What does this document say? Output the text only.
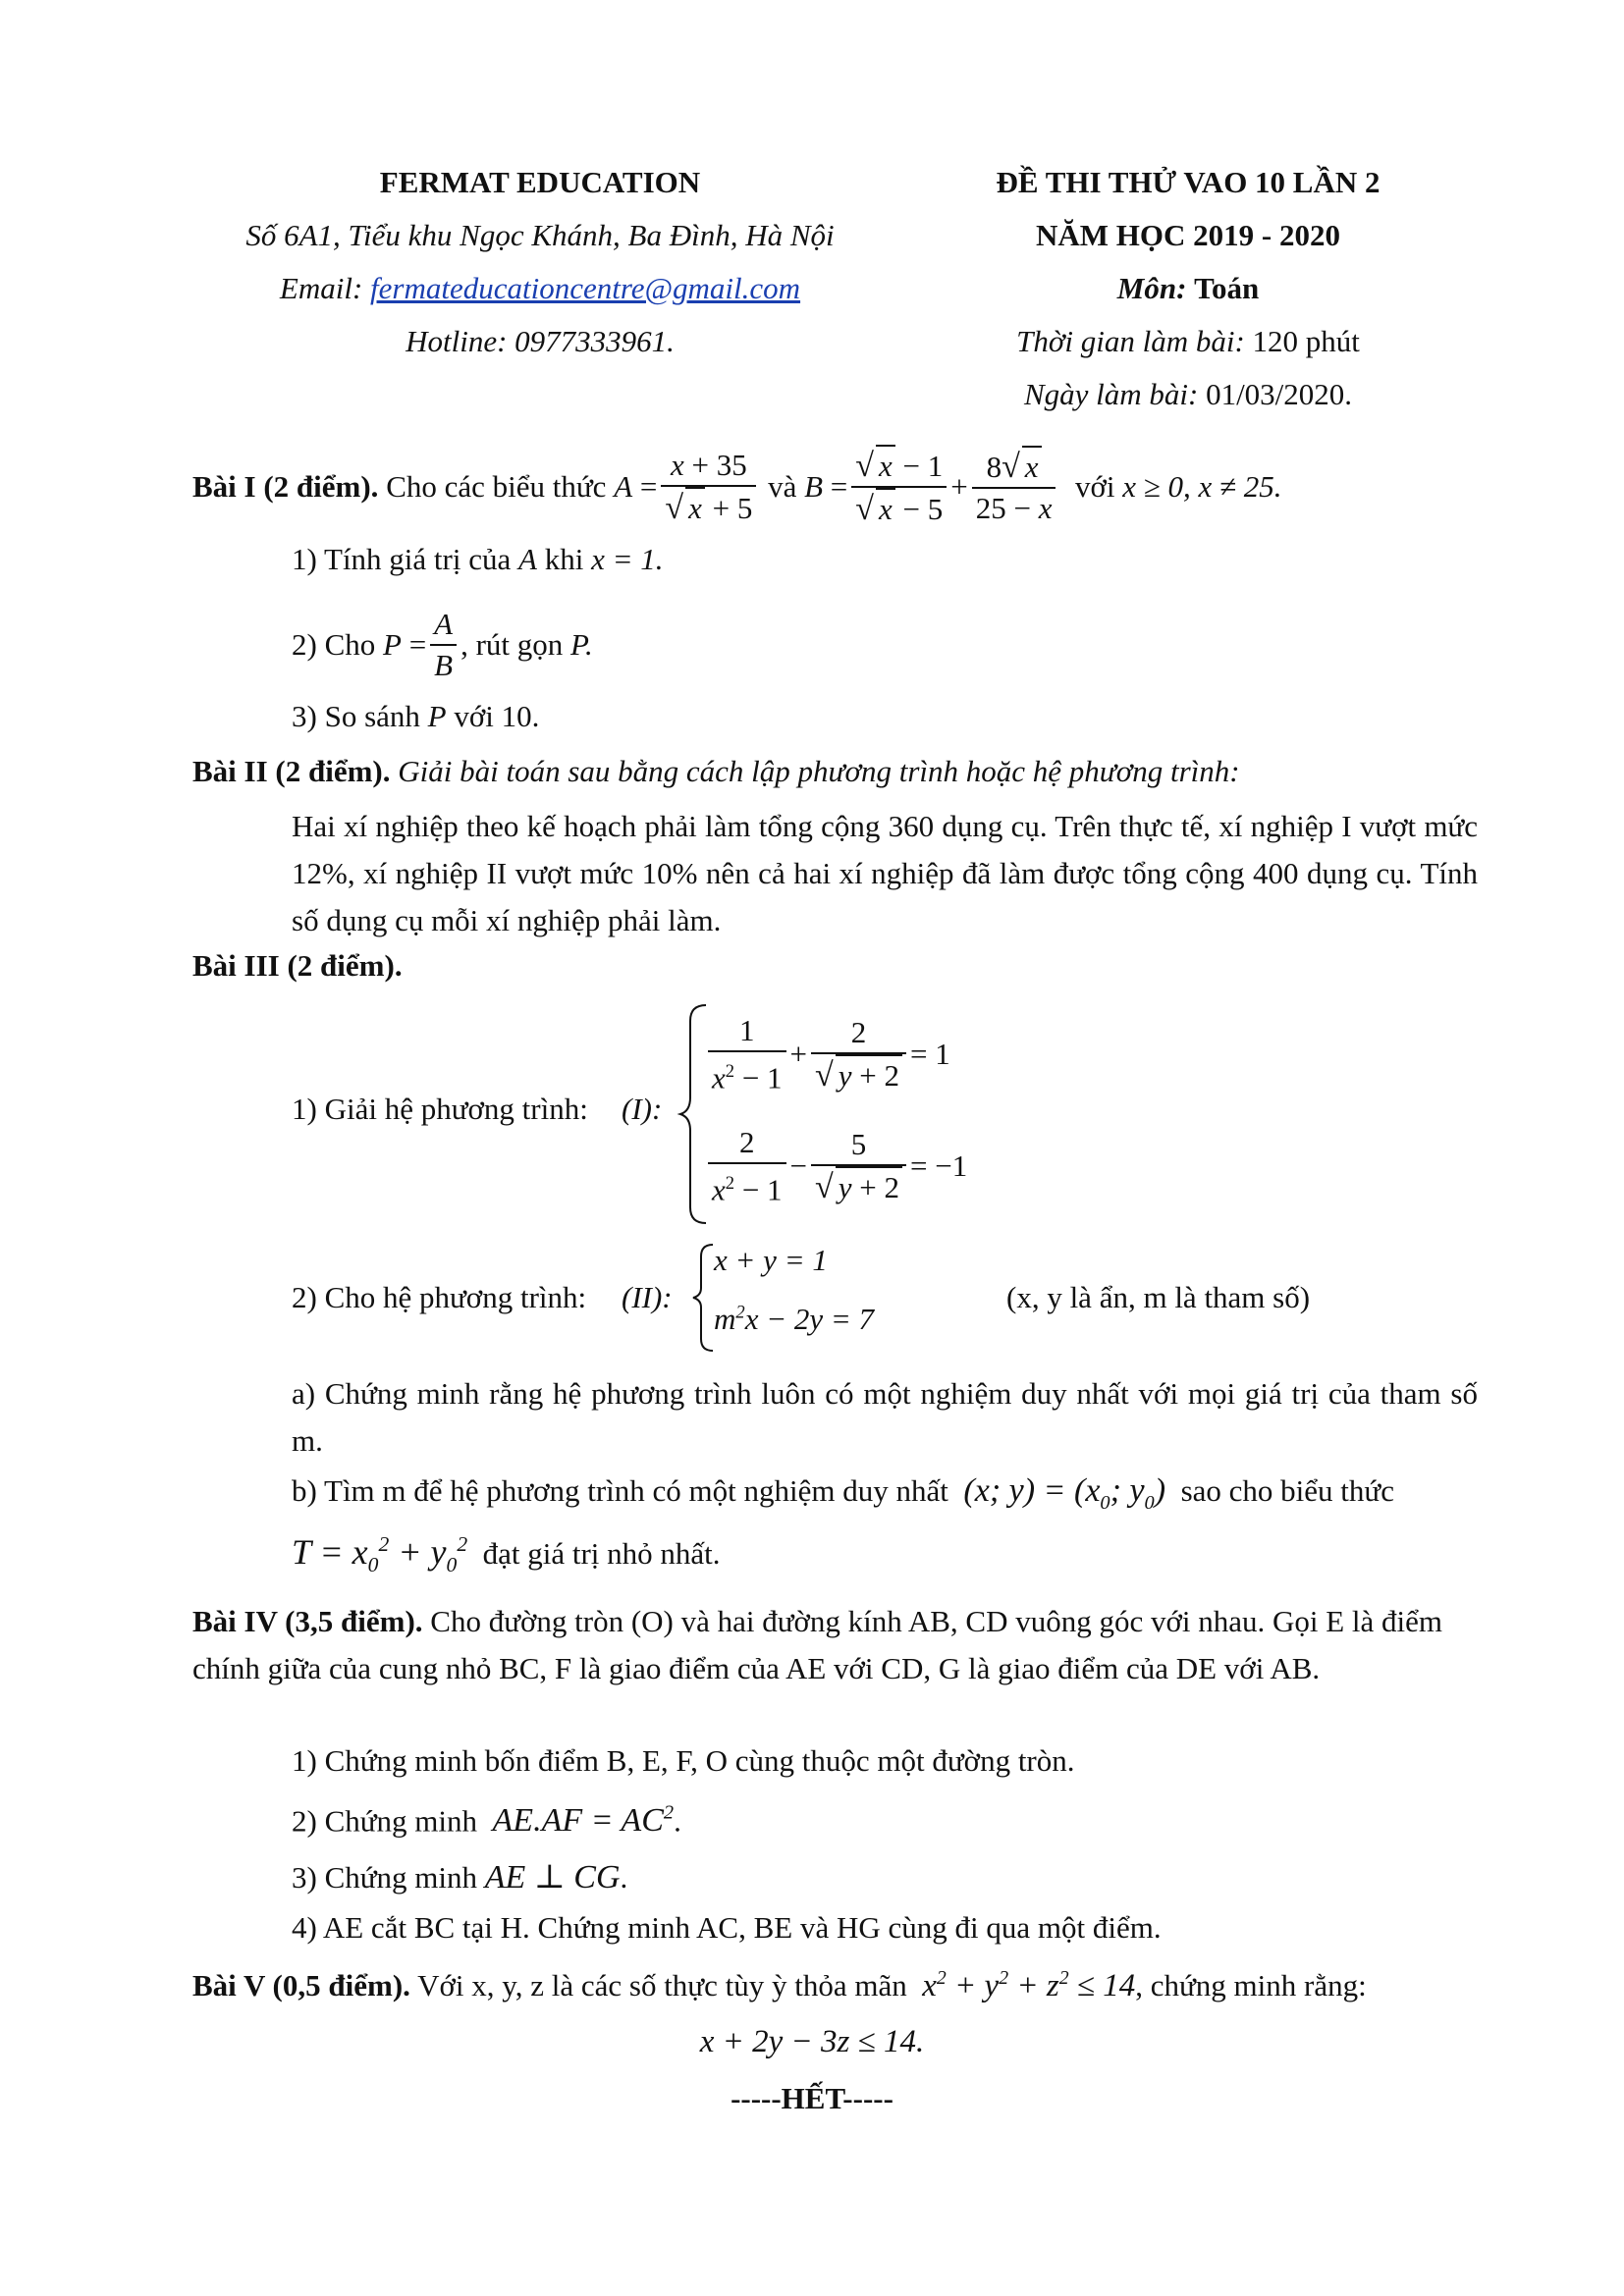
FERMAT EDUCATION
Số 6A1, Tiểu khu Ngọc Khánh, Ba Đình, Hà Nội
Email: fermateducationcentre@gmail.com
Hotline: 0977333961.
ĐỀ THI THỬ VAO 10 LẦN 2
NĂM HỌC 2019 - 2020
Môn: Toán
Thời gian làm bài: 120 phút
Ngày làm bài: 01/03/2020.
Bài I (2 điểm).
Cho các biểu thức
$A = \frac{x + 35}{√ x + 5}$
và
$B = \frac{√ x - 1}{√ x - 5} + \frac{8√ x}{25 - x}$
với
x ≥ 0, x ≠ 25.
1) Tính giá trị của A khi x = 1.
2) Cho
$P = \frac{A}{B}$ , rút gọn
P.
3) So sánh P với 10.
Bài II (2 điểm). Giải bài toán sau bằng cách lập phương trình hoặc hệ phương trình:
Hai xí nghiệp theo kế hoạch phải làm tổng cộng 360 dụng cụ. Trên thực tế, xí nghiệp I vượt mức 12%, xí nghiệp II vượt mức 10% nên cả hai xí nghiệp đã làm được tổng cộng 400 dụng cụ. Tính số dụng cụ mỗi xí nghiệp phải làm.
Bài III (2 điểm).
1) Giải hệ phương trình: (I):
$\frac{1}{x^2 - 1} + \frac{2}{√ y + 2} = 1$
$\frac{2}{x^2 - 1} - \frac{5}{√ y + 2} = -1$
2) Cho hệ phương trình: (II):
x + y = 1
$m^2x - 2y = 7$
(x, y là ẩn, m là tham số)
a) Chứng minh rằng hệ phương trình luôn có một nghiệm duy nhất với mọi giá trị của tham số m.
b) Tìm m để hệ phương trình có một nghiệm duy nhất (x; $y) = (x_0$; $y_0$) sao cho biểu thức
$T = x_0^2 + y_0^2$ đạt giá trị nhỏ nhất.
Bài IV (3,5 điểm). Cho đường tròn (O) và hai đường kính AB, CD vuông góc với nhau. Gọi E là điểm chính giữa của cung nhỏ BC, F là giao điểm của AE với CD, G là giao điểm của DE với AB.
1) Chứng minh bốn điểm B, E, F, O cùng thuộc một đường tròn.
2) Chứng minh $AE.AF = AC^2$.
3) Chứng minh AE ⊥ CG.
4) AE cắt BC tại H. Chứng minh AC, BE và HG cùng đi qua một điểm.
Bài V (0,5 điểm). Với x, y, z là các số thực tùy ỳ thỏa mãn $x^2 + y^2 + z^2 \le 14$, chứng minh rằng:
x + 2y − 3z ≤ 14.
-----HẾT-----
